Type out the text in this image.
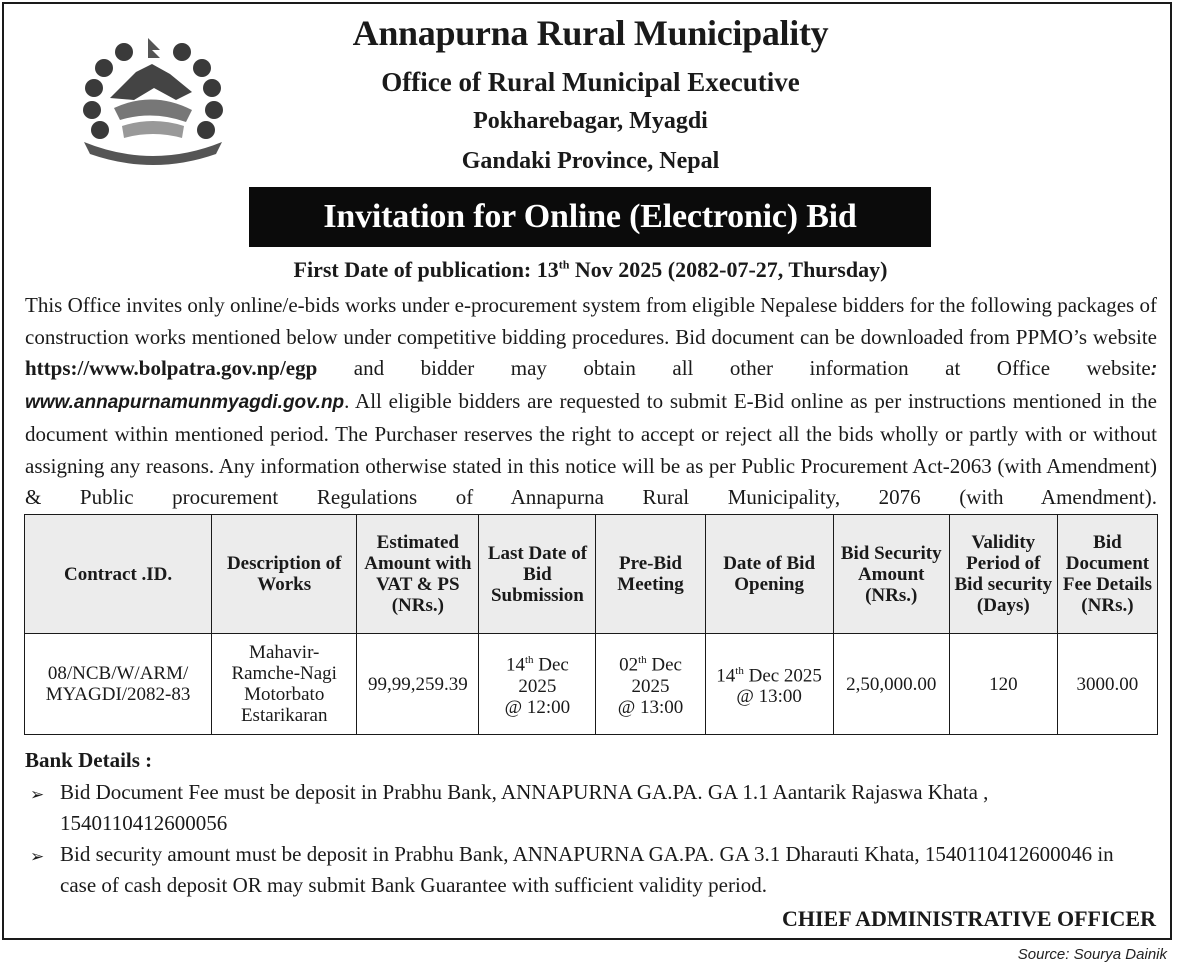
·········
Annapurna Rural Municipality
Office of Rural Municipal Executive
Pokharebagar, Myagdi
Gandaki Province, Nepal
Invitation for Online (Electronic) Bid
First Date of publication: 13th Nov 2025 (2082-07-27, Thursday)

This Office invites only online/e-bids works under e-procurement system from eligible Nepalese bidders for the following packages of construction works mentioned below under competitive bidding procedures. Bid document can be downloaded from PPMO’s website https://www.bolpatra.gov.np/egp and bidder may obtain all other information at Office website: www.annapurnamunmyagdi.gov.np. All eligible bidders are requested to submit E-Bid online as per instructions mentioned in the document within mentioned period. The Purchaser reserves the right to accept or reject all the bids wholly or partly with or without assigning any reasons. Any information otherwise stated in this notice will be as per Public Procurement Act-2063 (with Amendment) & Public procurement Regulations of Annapurna Rural Municipality, 2076 (with Amendment).

Contract .ID.	Description of Works	Estimated Amount with VAT & PS (NRs.)	Last Date of Bid Submission	Pre-Bid Meeting	Date of Bid Opening	Bid Security Amount (NRs.)	Validity Period of Bid security (Days)	Bid Document Fee Details (NRs.)
08/NCB/W/ARM/
MYAGDI/2082-83	Mahavir-
Ramche-Nagi
Motorbato
Estarikaran	99,99,259.39	14th Dec
2025
@ 12:00	02th Dec
2025
@ 13:00	14th Dec 2025
@ 13:00	2,50,000.00	120	3000.00
Bank Details :
➢ Bid Document Fee must be deposit in Prabhu Bank, ANNAPURNA GA.PA. GA 1.1 Aantarik Rajaswa Khata , 1540110412600056
➢ Bid security amount must be deposit in Prabhu Bank, ANNAPURNA GA.PA. GA 3.1 Dharauti Khata, 1540110412600046 in case of cash deposit OR may submit Bank Guarantee with sufficient validity period.
CHIEF ADMINISTRATIVE OFFICER
Source: Sourya Dainik
